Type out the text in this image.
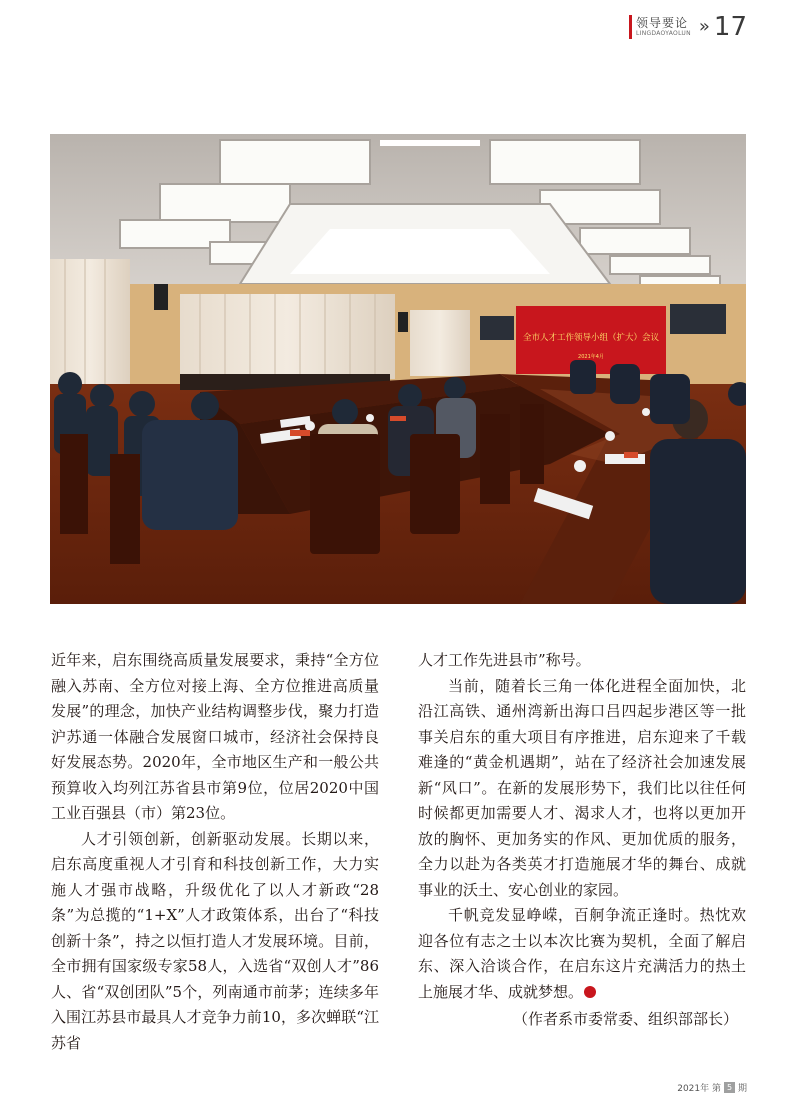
领导要论
LINGDAOYAOLUN » 17
全市人才工作领导小组（扩大）会议
2021年4月

近年来，启东围绕高质量发展要求，秉持“全方位融入苏南、全方位对接上海、全方位推进高质量发展”的理念，加快产业结构调整步伐，聚力打造沪苏通一体融合发展窗口城市，经济社会保持良好发展态势。2020年，全市地区生产和一般公共预算收入均列江苏省县市第9位，位居2020中国工业百强县（市）第23位。

人才引领创新，创新驱动发展。长期以来，启东高度重视人才引育和科技创新工作，大力实施人才强市战略，升级优化了以人才新政“28条”为总揽的“1+X”人才政策体系，出台了“科技创新十条”，持之以恒打造人才发展环境。目前，全市拥有国家级专家58人，入选省“双创人才”86人、省“双创团队”5个，列南通市前茅；连续多年入围江苏县市最具人才竞争力前10，多次蝉联“江苏省

人才工作先进县市”称号。

当前，随着长三角一体化进程全面加快，北沿江高铁、通州湾新出海口吕四起步港区等一批事关启东的重大项目有序推进，启东迎来了千载难逢的“黄金机遇期”，站在了经济社会加速发展新“风口”。在新的发展形势下，我们比以往任何时候都更加需要人才、渴求人才，也将以更加开放的胸怀、更加务实的作风、更加优质的服务，全力以赴为各类英才打造施展才华的舞台、成就事业的沃土、安心创业的家园。

千帆竞发显峥嵘，百舸争流正逢时。热忱欢迎各位有志之士以本次比赛为契机，全面了解启东、深入洽谈合作，在启东这片充满活力的热土上施展才华、成就梦想。

（作者系市委常委、组织部部长）

2021年 第 5 期
